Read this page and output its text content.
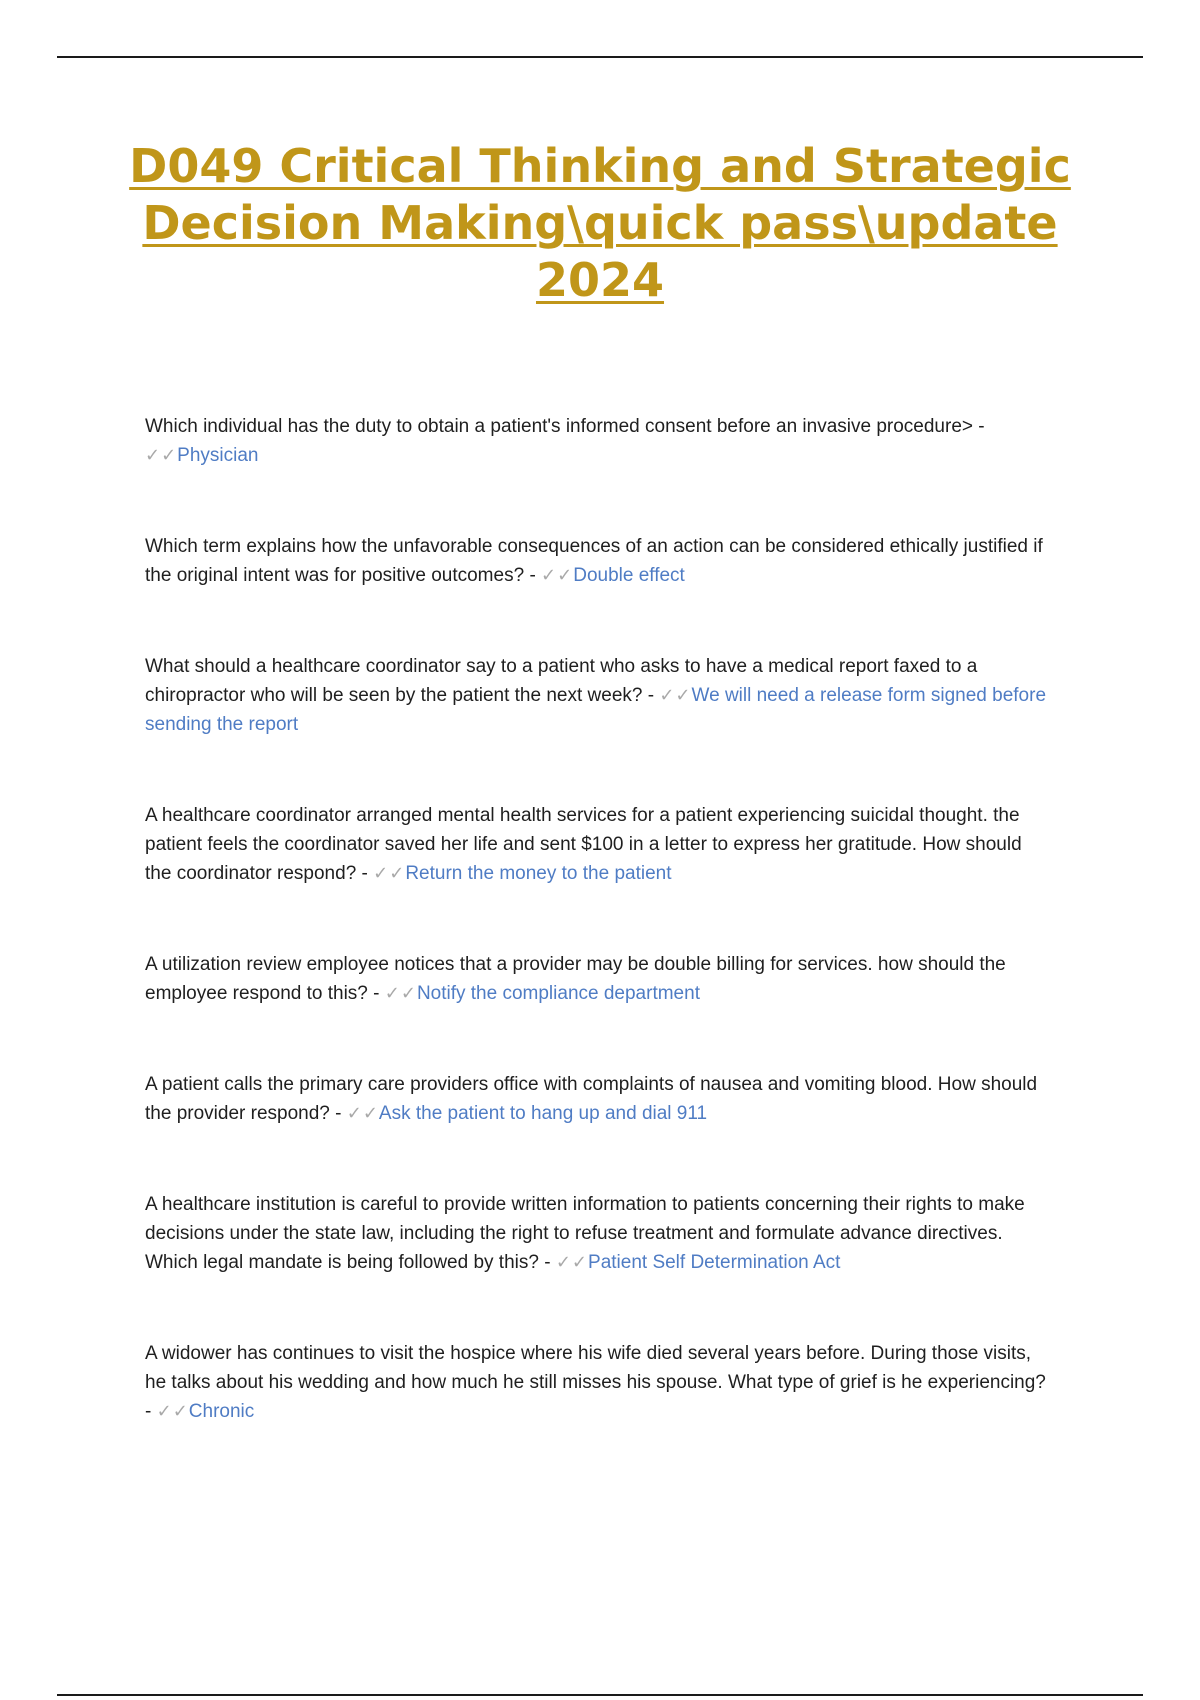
D049 Critical Thinking and Strategic Decision Making\quick pass\update 2024

Which individual has the duty to obtain a patient's informed consent before an invasive procedure> - ✓✓Physician

Which term explains how the unfavorable consequences of an action can be considered ethically justified if the original intent was for positive outcomes? - ✓✓Double effect

What should a healthcare coordinator say to a patient who asks to have a medical report faxed to a chiropractor who will be seen by the patient the next week? - ✓✓We will need a release form signed before sending the report

A healthcare coordinator arranged mental health services for a patient experiencing suicidal thought. the patient feels the coordinator saved her life and sent $100 in a letter to express her gratitude. How should the coordinator respond? - ✓✓Return the money to the patient

A utilization review employee notices that a provider may be double billing for services. how should the employee respond to this? - ✓✓Notify the compliance department

A patient calls the primary care providers office with complaints of nausea and vomiting blood. How should the provider respond? - ✓✓Ask the patient to hang up and dial 911

A healthcare institution is careful to provide written information to patients concerning their rights to make decisions under the state law, including the right to refuse treatment and formulate advance directives. Which legal mandate is being followed by this? - ✓✓Patient Self Determination Act

A widower has continues to visit the hospice where his wife died several years before. During those visits, he talks about his wedding and how much he still misses his spouse. What type of grief is he experiencing? - ✓✓Chronic
